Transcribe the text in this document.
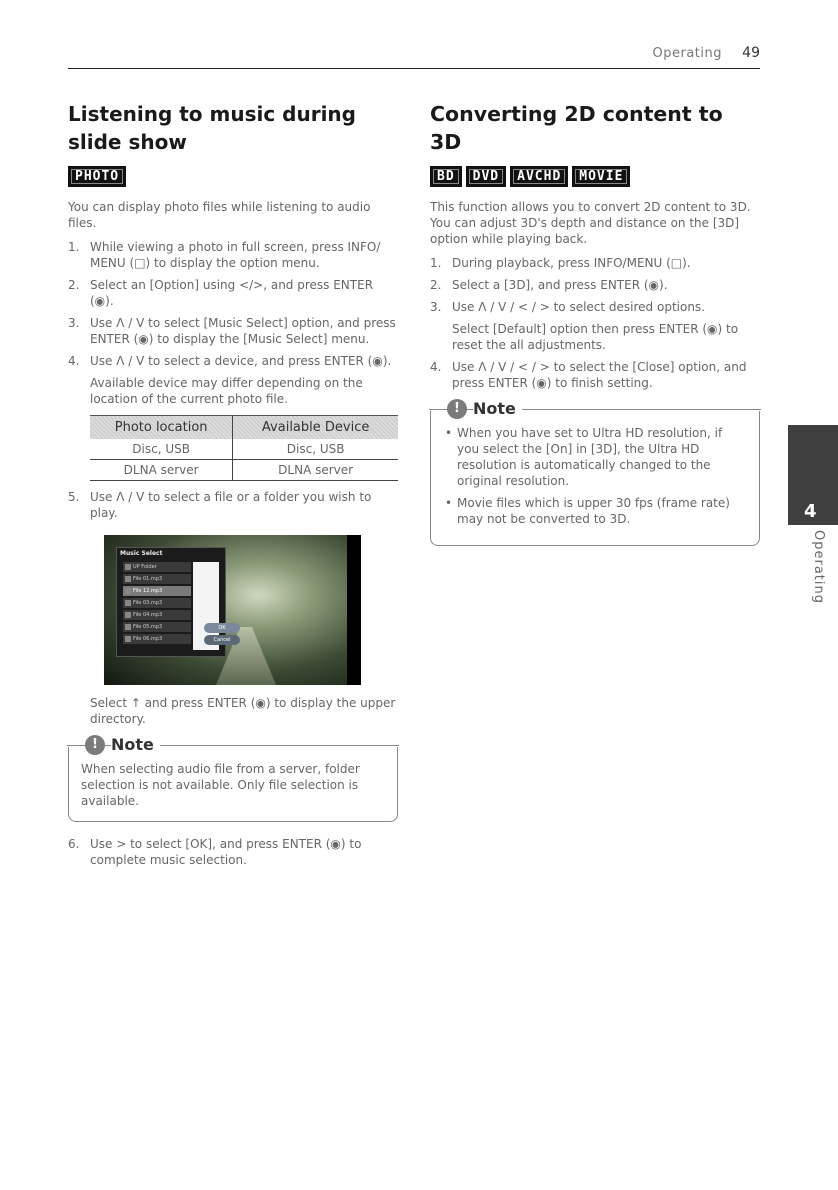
Operating 49
Listening to music during slide show
PHOTO

You can display photo files while listening to audio files.

1. While viewing a photo in full screen, press INFO/ MENU (□) to display the option menu.
2. Select an [Option] using </>, and press ENTER (◉).
3. Use Λ / V to select [Music Select] option, and press ENTER (◉) to display the [Music Select] menu.
4. Use Λ / V to select a device, and press ENTER (◉).

Available device may differ depending on the location of the current photo file.

Photo location	Available Device
Disc, USB	Disc, USB
DLNA server	DLNA server
5. Use Λ / V to select a file or a folder you wish to play.
Music Select
UP Folder
File 01.mp3
File 12.mp3
File 03.mp3
File 04.mp3
File 05.mp3
File 06.mp3
OK
Cancel

Select ↑ and press ENTER (◉) to display the upper directory.

! Note

When selecting audio file from a server, folder selection is not available. Only file selection is available.

6. Use > to select [OK], and press ENTER (◉) to complete music selection.
Converting 2D content to 3D
BD	DVD	AVCHD	MOVIE

This function allows you to convert 2D content to 3D. You can adjust 3D's depth and distance on the [3D] option while playing back.

1. During playback, press INFO/MENU (□).
2. Select a [3D], and press ENTER (◉).
3. Use Λ / V / < / > to select desired options.

Select [Default] option then press ENTER (◉) to reset the all adjustments.

4. Use Λ / V / < / > to select the [Close] option, and press ENTER (◉) to finish setting.
! Note
• When you have set to Ultra HD resolution, if you select the [On] in [3D], the Ultra HD resolution is automatically changed to the original resolution.
• Movie files which is upper 30 fps (frame rate) may not be converted to 3D.	4
Operating
